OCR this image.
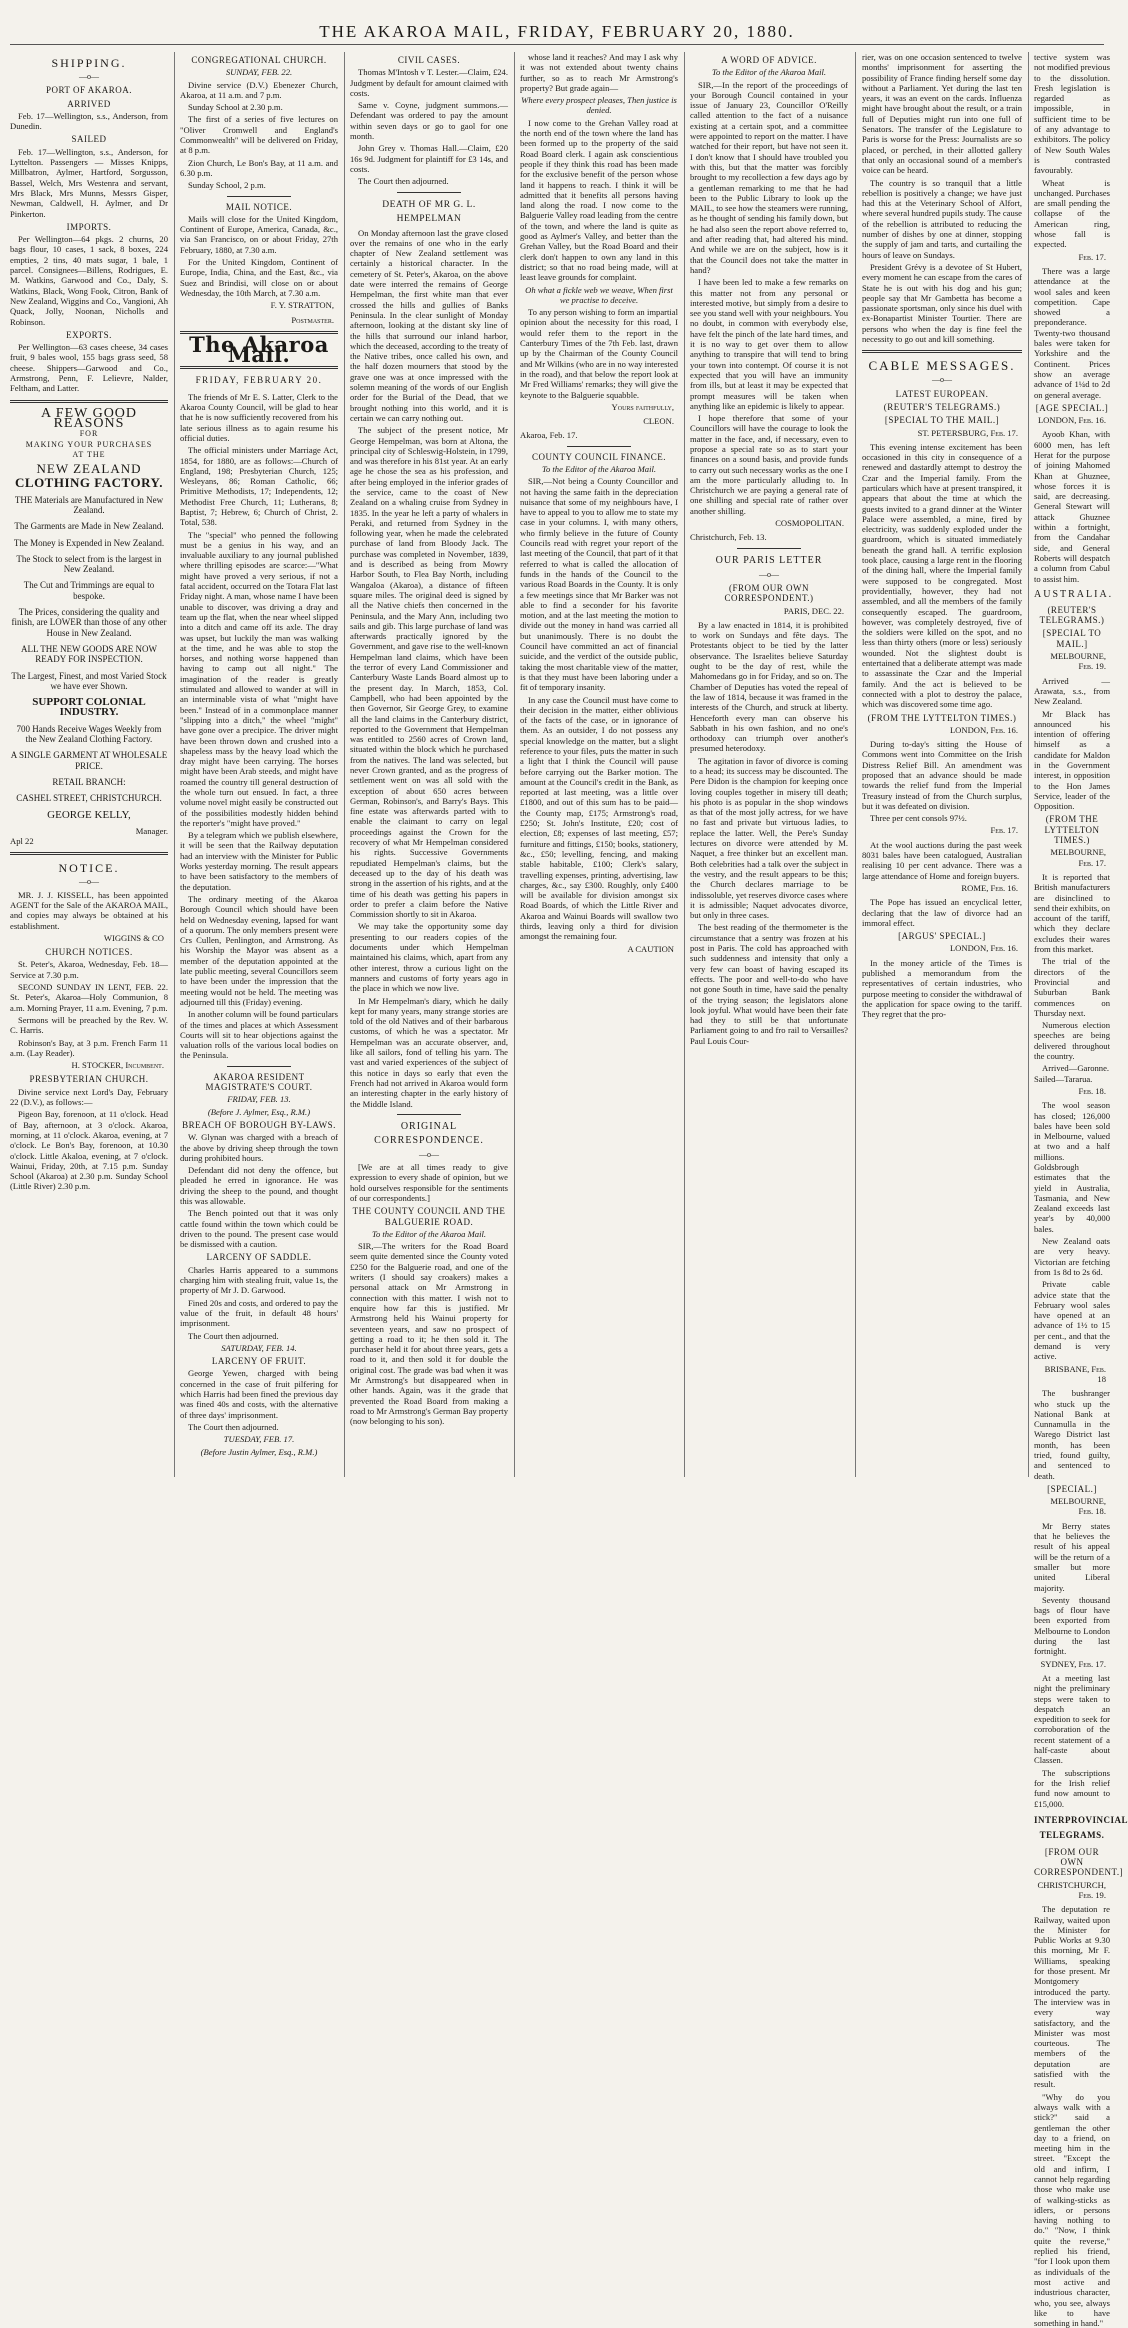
THE AKAROA MAIL, FRIDAY, FEBRUARY 20, 1880.
SHIPPING.
—o—
PORT OF AKAROA.
ARRIVED

Feb. 17—Wellington, s.s., Anderson, from Dunedin.

SAILED

Feb. 17—Wellington, s.s., Anderson, for Lyttelton. Passengers — Misses Knipps, Millbatron, Aylmer, Hartford, Sorgusson, Bassel, Welch, Mrs Westenra and servant, Mrs Black, Mrs Munns, Messrs Gisper, Newman, Caldwell, H. Aylmer, and Dr Pinkerton.

IMPORTS.

Per Wellington—64 pkgs. 2 churns, 20 bags flour, 10 cases, 1 sack, 8 boxes, 224 empties, 2 tins, 40 mats sugar, 1 bale, 1 parcel. Consignees—Billens, Rodrigues, E. M. Watkins, Garwood and Co., Daly, S. Watkins, Black, Wong Fook, Citron, Bank of New Zealand, Wiggins and Co., Vangioni, Ah Quack, Jolly, Noonan, Nicholls and Robinson.

EXPORTS.

Per Wellington—63 cases cheese, 34 cases fruit, 9 bales wool, 155 bags grass seed, 58 cheese. Shippers—Garwood and Co., Armstrong, Penn, F. Lelievre, Nalder, Feltham, and Latter.

A FEW GOOD REASONS
FOR
MAKING YOUR PURCHASES
AT THE
NEW ZEALAND
CLOTHING FACTORY.

THE Materials are Manufactured in New Zealand.

The Garments are Made in New Zealand.

The Money is Expended in New Zealand.

The Stock to select from is the largest in New Zealand.

The Cut and Trimmings are equal to bespoke.

The Prices, considering the quality and finish, are LOWER than those of any other House in New Zealand.

ALL THE NEW GOODS ARE NOW READY FOR INSPECTION.

The Largest, Finest, and most Varied Stock we have ever Shown.

SUPPORT COLONIAL INDUSTRY.

700 Hands Receive Wages Weekly from the New Zealand Clothing Factory.

A SINGLE GARMENT AT WHOLESALE PRICE.

RETAIL BRANCH:

CASHEL STREET, CHRISTCHURCH.

GEORGE KELLY,

Manager.
Apl 22
NOTICE.
—o—

MR. J. J. KISSELL, has been appointed AGENT for the Sale of the AKAROA MAIL, and copies may always be obtained at his establishment.

WIGGINS & CO
CHURCH NOTICES.

St. Peter's, Akaroa, Wednesday, Feb. 18—Service at 7.30 p.m.

SECOND SUNDAY IN LENT, FEB. 22. St. Peter's, Akaroa—Holy Communion, 8 a.m. Morning Prayer, 11 a.m. Evening, 7 p.m.

Sermons will be preached by the Rev. W. C. Harris.

Robinson's Bay, at 3 p.m. French Farm 11 a.m. (Lay Reader).

H. STOCKER, Incumbent.
PRESBYTERIAN CHURCH.

Divine service next Lord's Day, February 22 (D.V.), as follows:—

Pigeon Bay, forenoon, at 11 o'clock. Head of Bay, afternoon, at 3 o'clock. Akaroa, morning, at 11 o'clock. Akaroa, evening, at 7 o'clock. Le Bon's Bay, forenoon, at 10.30 o'clock. Little Akaloa, evening, at 7 o'clock. Wainui, Friday, 20th, at 7.15 p.m. Sunday School (Akaroa) at 2.30 p.m. Sunday School (Little River) 2.30 p.m.

CONGREGATIONAL CHURCH.
SUNDAY, FEB. 22.

Divine service (D.V.) Ebenezer Church, Akaroa, at 11 a.m. and 7 p.m.

Sunday School at 2.30 p.m.

The first of a series of five lectures on "Oliver Cromwell and England's Commonwealth" will be delivered on Friday, at 8 p.m.

Zion Church, Le Bon's Bay, at 11 a.m. and 6.30 p.m.

Sunday School, 2 p.m.

MAIL NOTICE.

Mails will close for the United Kingdom, Continent of Europe, America, Canada, &c., via San Francisco, on or about Friday, 27th February, 1880, at 7.30 a.m.

For the United Kingdom, Continent of Europe, India, China, and the East, &c., via Suez and Brindisi, will close on or about Wednesday, the 10th March, at 7.30 a.m.

F. Y. STRATTON,
Postmaster.
The Akaroa Mail.
FRIDAY, FEBRUARY 20.

The friends of Mr E. S. Latter, Clerk to the Akaroa County Council, will be glad to hear that he is now sufficiently recovered from his late serious illness as to again resume his official duties.

The official ministers under Marriage Act, 1854, for 1880, are as follows:—Church of England, 198; Presbyterian Church, 125; Wesleyans, 86; Roman Catholic, 66; Primitive Methodists, 17; Independents, 12; Methodist Free Church, 11; Lutherans, 8; Baptist, 7; Hebrew, 6; Church of Christ, 2. Total, 538.

The "special" who penned the following must be a genius in his way, and an invaluable auxiliary to any journal published where thrilling episodes are scarce:—"What might have proved a very serious, if not a fatal accident, occurred on the Totara Flat last Friday night. A man, whose name I have been unable to discover, was driving a dray and team up the flat, when the near wheel slipped into a ditch and came off its axle. The dray was upset, but luckily the man was walking at the time, and he was able to stop the horses, and nothing worse happened than having to camp out all night." The imagination of the reader is greatly stimulated and allowed to wander at will in an interminable vista of what "might have been." Instead of in a commonplace manner "slipping into a ditch," the wheel "might" have gone over a precipice. The driver might have been thrown down and crushed into a shapeless mass by the heavy load which the dray might have been carrying. The horses might have been Arab steeds, and might have roamed the country till general destruction of the whole turn out ensued. In fact, a three volume novel might easily be constructed out of the possibilities modestly hidden behind the reporter's "might have proved."

By a telegram which we publish elsewhere, it will be seen that the Railway deputation had an interview with the Minister for Public Works yesterday morning. The result appears to have been satisfactory to the members of the deputation.

The ordinary meeting of the Akaroa Borough Council which should have been held on Wednesday evening, lapsed for want of a quorum. The only members present were Crs Cullen, Penlington, and Armstrong. As his Worship the Mayor was absent as a member of the deputation appointed at the late public meeting, several Councillors seem to have been under the impression that the meeting would not be held. The meeting was adjourned till this (Friday) evening.

In another column will be found particulars of the times and places at which Assessment Courts will sit to hear objections against the valuation rolls of the various local bodies on the Peninsula.

AKAROA RESIDENT MAGISTRATE'S COURT.
FRIDAY, FEB. 13.
(Before J. Aylmer, Esq., R.M.)
BREACH OF BOROUGH BY-LAWS.

W. Glynan was charged with a breach of the above by driving sheep through the town during prohibited hours.

Defendant did not deny the offence, but pleaded he erred in ignorance. He was driving the sheep to the pound, and thought this was allowable.

The Bench pointed out that it was only cattle found within the town which could be driven to the pound. The present case would be dismissed with a caution.

LARCENY OF SADDLE.

Charles Harris appeared to a summons charging him with stealing fruit, value 1s, the property of Mr J. D. Garwood.

Fined 20s and costs, and ordered to pay the value of the fruit, in default 48 hours' imprisonment.

The Court then adjourned.

SATURDAY, FEB. 14.
LARCENY OF FRUIT.

George Yewen, charged with being concerned in the case of fruit pilfering for which Harris had been fined the previous day was fined 40s and costs, with the alternative of three days' imprisonment.

The Court then adjourned.

TUESDAY, FEB. 17.
(Before Justin Aylmer, Esq., R.M.)
CIVIL CASES.

Thomas M'Intosh v T. Lester.—Claim, £24. Judgment by default for amount claimed with costs.

Same v. Coyne, judgment summons.—Defendant was ordered to pay the amount within seven days or go to gaol for one month.

John Grey v. Thomas Hall.—Claim, £20 16s 9d. Judgment for plaintiff for £3 14s, and costs.

The Court then adjourned.

DEATH OF MR G. L. HEMPELMAN

On Monday afternoon last the grave closed over the remains of one who in the early chapter of New Zealand settlement was certainly a historical character. In the cemetery of St. Peter's, Akaroa, on the above date were interred the remains of George Hempelman, the first white man that ever crossed the hills and gullies of Banks Peninsula. In the clear sunlight of Monday afternoon, looking at the distant sky line of the hills that surround our inland harbor, which the deceased, according to the treaty of the Native tribes, once called his own, and the half dozen mourners that stood by the grave one was at once impressed with the solemn meaning of the words of our English order for the Burial of the Dead, that we brought nothing into this world, and it is certain we can carry nothing out.

The subject of the present notice, Mr George Hempelman, was born at Altona, the principal city of Schleswig-Holstein, in 1799, and was therefore in his 81st year. At an early age he chose the sea as his profession, and after being employed in the inferior grades of the service, came to the coast of New Zealand on a whaling cruise from Sydney in 1835. In the year he left a party of whalers in Peraki, and returned from Sydney in the following year, when he made the celebrated purchase of land from Bloody Jack. The purchase was completed in November, 1839, and is described as being from Mowry Harbor South, to Flea Bay North, including Wangaloa (Akaroa), a distance of fifteen square miles. The original deed is signed by all the Native chiefs then concerned in the Peninsula, and the Mary Ann, including two sails and gib. This large purchase of land was afterwards practically ignored by the Government, and gave rise to the well-known Hempelman land claims, which have been the terror of every Land Commissioner and Canterbury Waste Lands Board almost up to the present day. In March, 1853, Col. Campbell, who had been appointed by the then Governor, Sir George Grey, to examine all the land claims in the Canterbury district, reported to the Government that Hempelman was entitled to 2560 acres of Crown land, situated within the block which he purchased from the natives. The land was selected, but never Crown granted, and as the progress of settlement went on was all sold with the exception of about 650 acres between German, Robinson's, and Barry's Bays. This fine estate was afterwards parted with to enable the claimant to carry on legal proceedings against the Crown for the recovery of what Mr Hempelman considered his rights. Successive Governments repudiated Hempelman's claims, but the deceased up to the day of his death was strong in the assertion of his rights, and at the time of his death was getting his papers in order to prefer a claim before the Native Commission shortly to sit in Akaroa.

We may take the opportunity some day presenting to our readers copies of the documents under which Hempelman maintained his claims, which, apart from any other interest, throw a curious light on the manners and customs of forty years ago in the place in which we now live.

In Mr Hempelman's diary, which he daily kept for many years, many strange stories are told of the old Natives and of their barbarous customs, of which he was a spectator. Mr Hempelman was an accurate observer, and, like all sailors, fond of telling his yarn. The vast and varied experiences of the subject of this notice in days so early that even the French had not arrived in Akaroa would form an interesting chapter in the early history of the Middle Island.

ORIGINAL CORRESPONDENCE.
—o—

[We are at all times ready to give expression to every shade of opinion, but we hold ourselves responsible for the sentiments of our correspondents.]

THE COUNTY COUNCIL AND THE BALGUERIE ROAD.
To the Editor of the Akaroa Mail.

SIR,—The writers for the Road Board seem quite demented since the County voted £250 for the Balguerie road, and one of the writers (I should say croakers) makes a personal attack on Mr Armstrong in connection with this matter. I wish not to enquire how far this is justified. Mr Armstrong held his Wainui property for seventeen years, and saw no prospect of getting a road to it; he then sold it. The purchaser held it for about three years, gets a road to it, and then sold it for double the original cost. The grade was bad when it was Mr Armstrong's but disappeared when in other hands. Again, was it the grade that prevented the Road Board from making a road to Mr Armstrong's German Bay property (now belonging to his son).

whose land it reaches? And may I ask why it was not extended about twenty chains further, so as to reach Mr Armstrong's property? But grade again—

Where every prospect pleases, Then justice is denied.

I now come to the Grehan Valley road at the north end of the town where the land has been formed up to the property of the said Road Board clerk. I again ask conscientious people if they think this road has been made for the exclusive benefit of the person whose land it happens to reach. I think it will be admitted that it benefits all persons having land along the road. I now come to the Balguerie Valley road leading from the centre of the town, and where the land is quite as good as Aylmer's Valley, and better than the Grehan Valley, but the Road Board and their clerk don't happen to own any land in this district; so that no road being made, will at least leave grounds for complaint.

Oh what a fickle web we weave, When first we practise to deceive.

To any person wishing to form an impartial opinion about the necessity for this road, I would refer them to the report in the Canterbury Times of the 7th Feb. last, drawn up by the Chairman of the County Council and Mr Wilkins (who are in no way interested in the road), and that below the report look at Mr Fred Williams' remarks; they will give the keynote to the Balguerie squabble.

Yours faithfully,
CLEON.
Akaroa, Feb. 17.
COUNTY COUNCIL FINANCE.
To the Editor of the Akaroa Mail.

SIR,—Not being a County Councillor and not having the same faith in the depreciation nuisance that some of my neighbours have, I have to appeal to you to allow me to state my case in your columns. I, with many others, who firmly believe in the future of County Councils read with regret your report of the last meeting of the Council, that part of it that referred to what is called the allocation of funds in the hands of the Council to the various Road Boards in the County. It is only a few meetings since that Mr Barker was not able to find a seconder for his favorite motion, and at the last meeting the motion to divide out the money in hand was carried all but unanimously. There is no doubt the Council have committed an act of financial suicide, and the verdict of the outside public, taking the most charitable view of the matter, is that they must have been laboring under a fit of temporary insanity.

In any case the Council must have come to their decision in the matter, either oblivious of the facts of the case, or in ignorance of them. As an outsider, I do not possess any special knowledge on the matter, but a slight reference to your files, puts the matter in such a light that I think the Council will pause before carrying out the Barker motion. The amount at the Council's credit in the Bank, as reported at last meeting, was a little over £1800, and out of this sum has to be paid—the County map, £175; Armstrong's road, £250; St. John's Institute, £20; cost of election, £8; expenses of last meeting, £57; furniture and fittings, £150; books, stationery, &c., £50; levelling, fencing, and making stable habitable, £100; Clerk's salary, travelling expenses, printing, advertising, law charges, &c., say £300. Roughly, only £400 will be available for division amongst six Road Boards, of which the Little River and Akaroa and Wainui Boards will swallow two thirds, leaving only a third for division amongst the remaining four.

A CAUTION
A WORD OF ADVICE.
To the Editor of the Akaroa Mail.

SIR,—In the report of the proceedings of your Borough Council contained in your issue of January 23, Councillor O'Reilly called attention to the fact of a nuisance existing at a certain spot, and a committee were appointed to report on the matter. I have watched for their report, but have not seen it. I don't know that I should have troubled you with this, but that the matter was forcibly brought to my recollection a few days ago by a gentleman remarking to me that he had been to the Public Library to look up the MAIL, to see how the steamers were running, as he thought of sending his family down, but he had also seen the report above referred to, and after reading that, had altered his mind. And while we are on the subject, how is it that the Council does not take the matter in hand?

I have been led to make a few remarks on this matter not from any personal or interested motive, but simply from a desire to see you stand well with your neighbours. You no doubt, in common with everybody else, have felt the pinch of the late hard times, and it is no way to get over them to allow anything to transpire that will tend to bring your town into contempt. Of course it is not expected that you will have an immunity from ills, but at least it may be expected that prompt measures will be taken when anything like an epidemic is likely to appear.

I hope therefore that some of your Councillors will have the courage to look the matter in the face, and, if necessary, even to propose a special rate so as to start your finances on a sound basis, and provide funds to carry out such necessary works as the one I am the more particularly alluding to. In Christchurch we are paying a general rate of one shilling and special rate of rather over another shilling.

COSMOPOLITAN.
Christchurch, Feb. 13.
OUR PARIS LETTER
—o—
(FROM OUR OWN CORRESPONDENT.)
PARIS, DEC. 22.

By a law enacted in 1814, it is prohibited to work on Sundays and fête days. The Protestants object to be tied by the latter observance. The Israelites believe Saturday ought to be the day of rest, while the Mahomedans go in for Friday, and so on. The Chamber of Deputies has voted the repeal of the law of 1814, because it was framed in the interests of the Church, and struck at liberty. Henceforth every man can observe his Sabbath in his own fashion, and no one's orthodoxy can triumph over another's presumed heterodoxy.

The agitation in favor of divorce is coming to a head; its success may be discounted. The Pere Didon is the champion for keeping once loving couples together in misery till death; his photo is as popular in the shop windows as that of the most jolly actress, for we have no fast and private but virtuous ladies, to replace the latter. Well, the Pere's Sunday lectures on divorce were attended by M. Naquet, a free thinker but an excellent man. Both celebrities had a talk over the subject in the vestry, and the result appears to be this; the Church declares marriage to be indissoluble, yet reserves divorce cases where it is admissible; Naquet advocates divorce, but only in three cases.

The best reading of the thermometer is the circumstance that a sentry was frozen at his post in Paris. The cold has approached with such suddenness and intensity that only a very few can boast of having escaped its effects. The poor and well-to-do who have not gone South in time, have said the penalty of the trying season; the legislators alone look joyful. What would have been their fate had they to still be that unfortunate Parliament going to and fro rail to Versailles? Paul Louis Cour-

rier, was on one occasion sentenced to twelve months' imprisonment for asserting the possibility of France finding herself some day without a Parliament. Yet during the last ten years, it was an event on the cards. Influenza might have brought about the result, or a train full of Deputies might run into one full of Senators. The transfer of the Legislature to Paris is worse for the Press: Journalists are so placed, or perched, in their allotted gallery that only an occasional sound of a member's voice can be heard.

The country is so tranquil that a little rebellion is positively a change; we have just had this at the Veterinary School of Alfort, where several hundred pupils study. The cause of the rebellion is attributed to reducing the number of dishes by one at dinner, stopping the supply of jam and tarts, and curtailing the hours of leave on Sundays.

President Grévy is a devotee of St Hubert, every moment he can escape from the cares of State he is out with his dog and his gun; people say that Mr Gambetta has become a passionate sportsman, only since his duel with ex-Bonapartist Minister Tourtier. There are persons who when the day is fine feel the necessity to go out and kill something.

CABLE MESSAGES.
—o—
LATEST EUROPEAN.
(REUTER'S TELEGRAMS.)
[SPECIAL TO THE MAIL.]
ST. PETERSBURG, Feb. 17.

This evening intense excitement has been occasioned in this city in consequence of a renewed and dastardly attempt to destroy the Czar and the Imperial family. From the particulars which have at present transpired, it appears that about the time at which the guests invited to a grand dinner at the Winter Palace were assembled, a mine, fired by electricity, was suddenly exploded under the guardroom, which is situated immediately beneath the grand hall. A terrific explosion took place, causing a large rent in the flooring of the dining hall, where the Imperial family were supposed to be congregated. Most providentially, however, they had not assembled, and all the members of the family consequently escaped. The guardroom, however, was completely destroyed, five of the soldiers were killed on the spot, and no less than thirty others (more or less) seriously wounded. Not the slightest doubt is entertained that a deliberate attempt was made to assassinate the Czar and the Imperial family. And the act is believed to be connected with a plot to destroy the palace, which was discovered some time ago.

(FROM THE LYTTELTON TIMES.)
LONDON, Feb. 16.

During to-day's sitting the House of Commons went into Committee on the Irish Distress Relief Bill. An amendment was proposed that an advance should be made towards the relief fund from the Imperial Treasury instead of from the Church surplus, but it was defeated on division.

Three per cent consols 97½.

Feb. 17.

At the wool auctions during the past week 8031 bales have been catalogued, Australian realising 10 per cent advance. There was a large attendance of Home and foreign buyers.

ROME, Feb. 16.

The Pope has issued an encyclical letter, declaring that the law of divorce had an immoral effect.

[ARGUS' SPECIAL.]
LONDON, Feb. 16.

In the money article of the Times is published a memorandum from the representatives of certain industries, who purpose meeting to consider the withdrawal of the application for space owing to the tariff. They regret that the pro-

tective system was not modified previous to the dissolution. Fresh legislation is regarded as impossible, in sufficient time to be of any advantage to exhibitors. The policy of New South Wales is contrasted favourably.

Wheat is unchanged. Purchases are small pending the collapse of the American ring, whose fall is expected.

Feb. 17.

There was a large attendance at the wool sales and keen competition. Cape showed a preponderance. Twenty-two thousand bales were taken for Yorkshire and the Continent. Prices show an average advance of 1¼d to 2d on general average.

[AGE SPECIAL.]
LONDON, Feb. 16.

Ayoob Khan, with 6000 men, has left Herat for the purpose of joining Mahomed Khan at Ghuznee, whose forces it is said, are decreasing. General Stewart will attack Ghuznee within a fortnight, from the Candahar side, and General Roberts will despatch a column from Cabul to assist him.

AUSTRALIA.
(REUTER'S TELEGRAMS.)
[SPECIAL TO MAIL.]
MELBOURNE, Feb. 19.

Arrived — Arawata, s.s., from New Zealand.

Mr Black has announced his intention of offering himself as a candidate for Maldon in the Government interest, in opposition to the Hon James Service, leader of the Opposition.

(FROM THE LYTTELTON TIMES.)
MELBOURNE, Feb. 17.

It is reported that British manufacturers are disinclined to send their exhibits, on account of the tariff, which they declare excludes their wares from this market.

The trial of the directors of the Provincial and Suburban Bank commences on Thursday next.

Numerous election speeches are being delivered throughout the country.

Arrived—Garonne. Sailed—Tararua.

Feb. 18.

The wool season has closed; 126,000 bales have been sold in Melbourne, valued at two and a half millions. Goldsbrough estimates that the yield in Australia, Tasmania, and New Zealand exceeds last year's by 40,000 bales.

New Zealand oats are very heavy. Victorian are fetching from 1s 8d to 2s 6d.

Private cable advice state that the February wool sales have opened at an advance of 1½ to 15 per cent., and that the demand is very active.

BRISBANE, Feb. 18

The bushranger who stuck up the National Bank at Cunnamulla in the Warego District last month, has been tried, found guilty, and sentenced to death.

[SPECIAL.]
MELBOURNE, Feb. 18.

Mr Berry states that he believes the result of his appeal will be the return of a smaller but more united Liberal majority.

Seventy thousand bags of flour have been exported from Melbourne to London during the last fortnight.

SYDNEY, Feb. 17.

At a meeting last night the preliminary steps were taken to despatch an expedition to seek for corroboration of the recent statement of a half-caste about Classen.

The subscriptions for the Irish relief fund now amount to £15,000.

INTERPROVINCIAL TELEGRAMS.
[FROM OUR OWN CORRESPONDENT.]
CHRISTCHURCH, Feb. 19.

The deputation re Railway, waited upon the Minister for Public Works at 9.30 this morning, Mr F. Williams, speaking for those present. Mr Montgomery introduced the party. The interview was in every way satisfactory, and the Minister was most courteous. The members of the deputation are satisfied with the result.

"Why do you always walk with a stick?" said a gentleman the other day to a friend, on meeting him in the street. "Except the old and infirm, I cannot help regarding those who make use of walking-sticks as idlers, or persons having nothing to do." "Now, I think quite the reverse," replied his friend, "for I look upon them as individuals of the most active and industrious character, who, you see, always like to have something in hand."
